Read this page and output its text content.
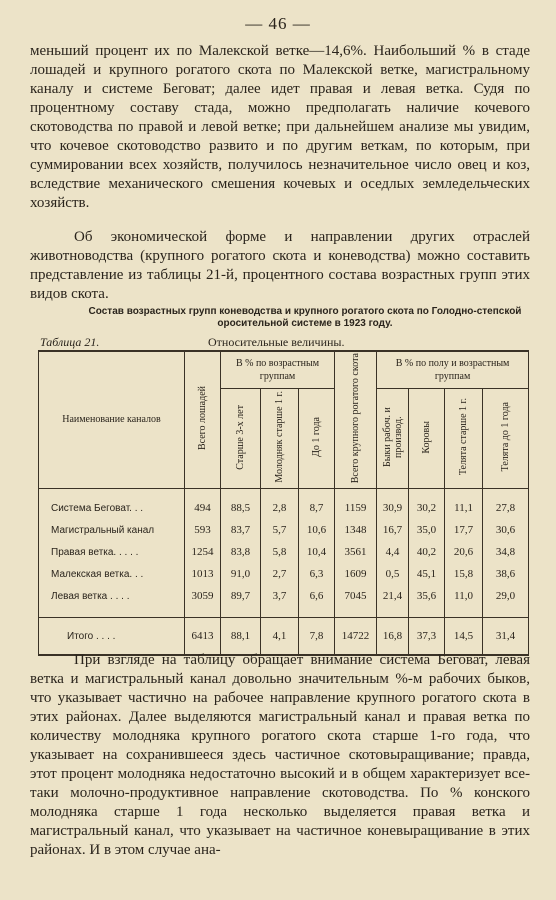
— 46 —

меньший процент их по Малекской ветке—14,6%. Наибольший % в стаде лошадей и крупного рогатого скота по Малекской ветке, магистральному каналу и системе Беговат; далее идет правая и левая ветка. Судя по процентному составу стада, можно предполагать наличие кочевого скотоводства по правой и левой ветке; при дальнейшем анализе мы увидим, что кочевое скотоводство развито и по другим веткам, по которым, при суммировании всех хозяйств, получилось незначительное число овец и коз, вследствие механического смешения кочевых и оседлых земледельческих хозяйств.

Об экономической форме и направлении других отраслей животноводства (крупного рогатого скота и коневодства) можно составить представление из таблицы 21-й, процентного состава возрастных групп этих видов скота.

Состав возрастных групп коневодства и крупного рогатого скота по Голодно-степской оросительной системе в 1923 году.
Таблица 21.	Относительные величины.
Наименование каналов	Всего лошадей	В % по возрастным группам			Всего крупного рогатого скота	В % по полу и возрастным группам			
		Старше 3-х лет	Молодняк старше 1 г.	До 1 года		Быки рабоч. и производ.	Коровы	Телята старше 1 г.	Телята до 1 года

Система Беговат. . .	494	88,5	2,8	8,7	1159	30,9	30,2	11,1	27,8
Магистральный канал	593	83,7	5,7	10,6	1348	16,7	35,0	17,7	30,6
Правая ветка. . . . .	1254	83,8	5,8	10,4	3561	4,4	40,2	20,6	34,8
Малекская ветка. . .	1013	91,0	2,7	6,3	1609	0,5	45,1	15,8	38,6
Левая ветка . . . .	3059	89,7	3,7	6,6	7045	21,4	35,6	11,0	29,0

Итого . . . .	6413	88,1	4,1	7,8	14722	16,8	37,3	14,5	31,4

При взгляде на таблицу обращает внимание система Беговат, левая ветка и магистральный канал довольно значительным %-м рабочих быков, что указывает частично на рабочее направление крупного рогатого скота в этих районах. Далее выделяются магистральный канал и правая ветка по количеству молодняка крупного рогатого скота старше 1-го года, что указывает на сохранившееся здесь частичное скотовыращивание; правда, этот процент молодняка недостаточно высокий и в общем характеризует все-таки молочно-продуктивное направление скотоводства. По % конского молодняка старше 1 года несколько выделяется правая ветка и магистральный канал, что указывает на частичное коневыращивание в этих районах. И в этом случае ана-
